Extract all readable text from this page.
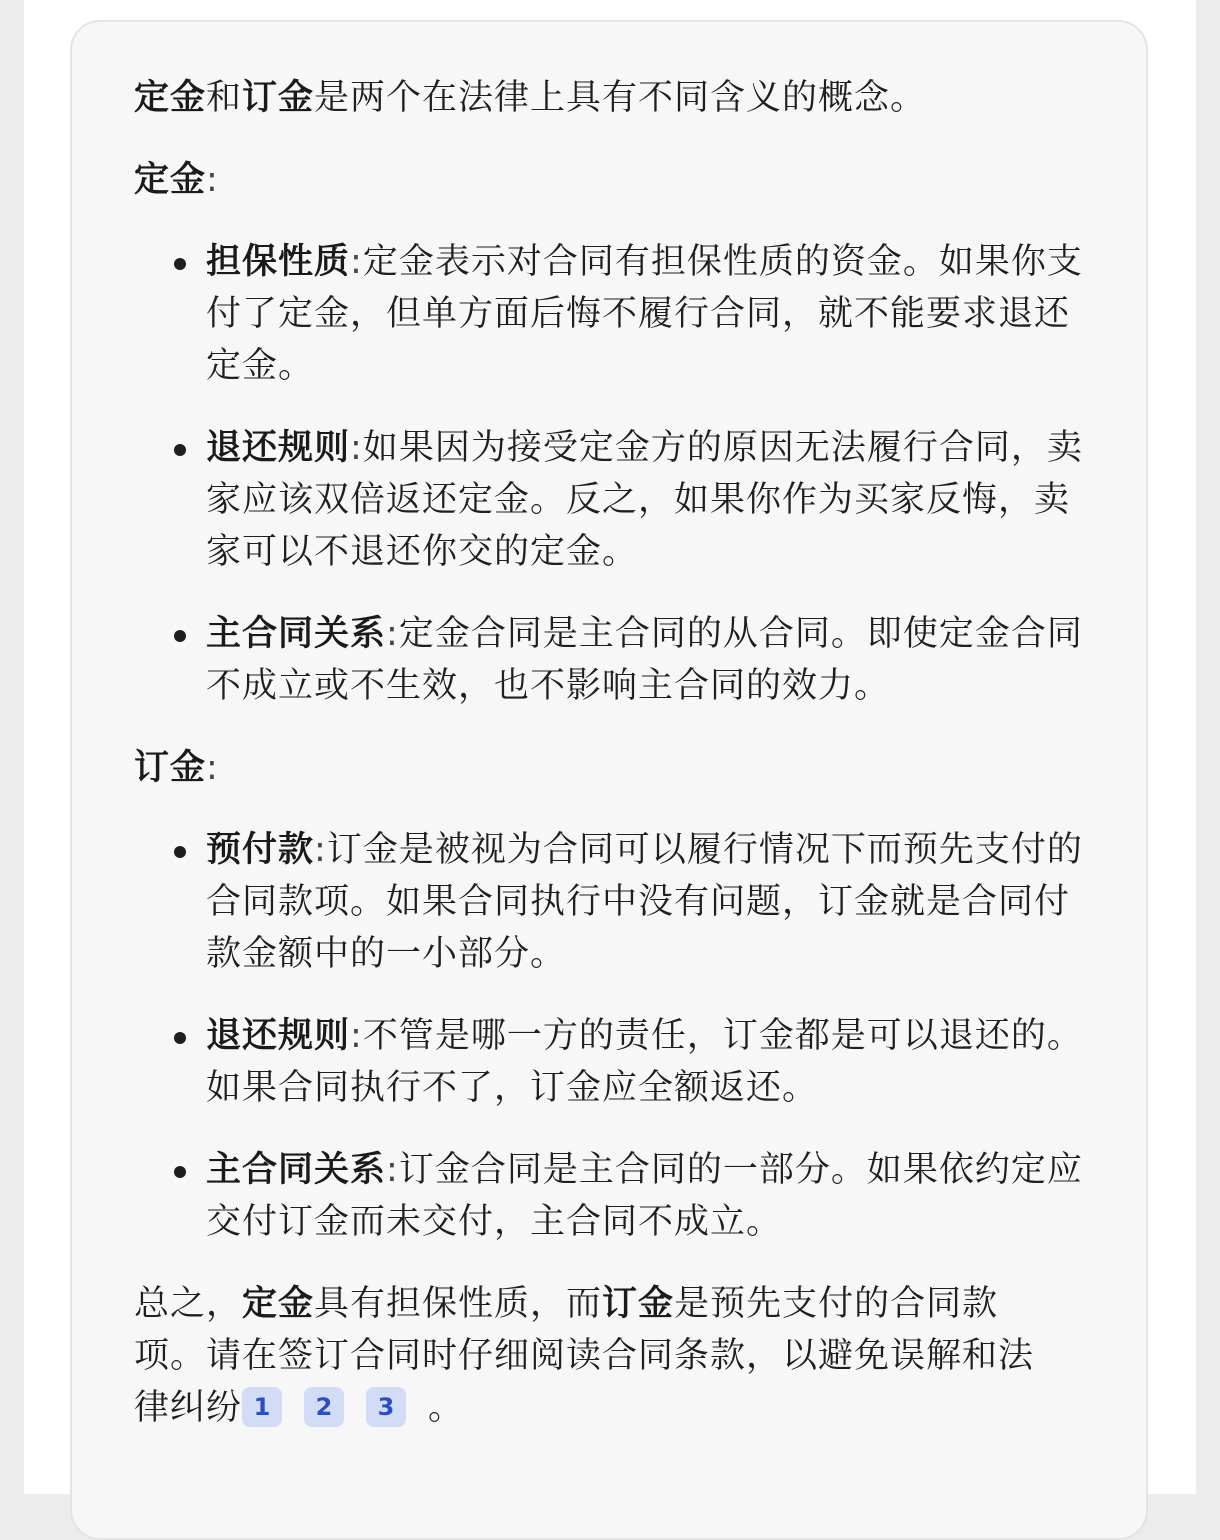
定金和订金是两个在法律上具有不同含义的概念。

定金:

担保性质:定金表示对合同有担保性质的资金。如果你支付了定金，但单方面后悔不履行合同，就不能要求退还定金。
退还规则:如果因为接受定金方的原因无法履行合同，卖家应该双倍返还定金。反之，如果你作为买家反悔，卖家可以不退还你交的定金。
主合同关系:定金合同是主合同的从合同。即使定金合同不成立或不生效，也不影响主合同的效力。

订金:

预付款:订金是被视为合同可以履行情况下而预先支付的合同款项。如果合同执行中没有问题，订金就是合同付款金额中的一小部分。
退还规则:不管是哪一方的责任，订金都是可以退还的。如果合同执行不了，订金应全额返还。
主合同关系:订金合同是主合同的一部分。如果依约定应交付订金而未交付，主合同不成立。

总之，定金具有担保性质，而订金是预先支付的合同款项。请在签订合同时仔细阅读合同条款，以避免误解和法律纠纷 1 2 3 。
